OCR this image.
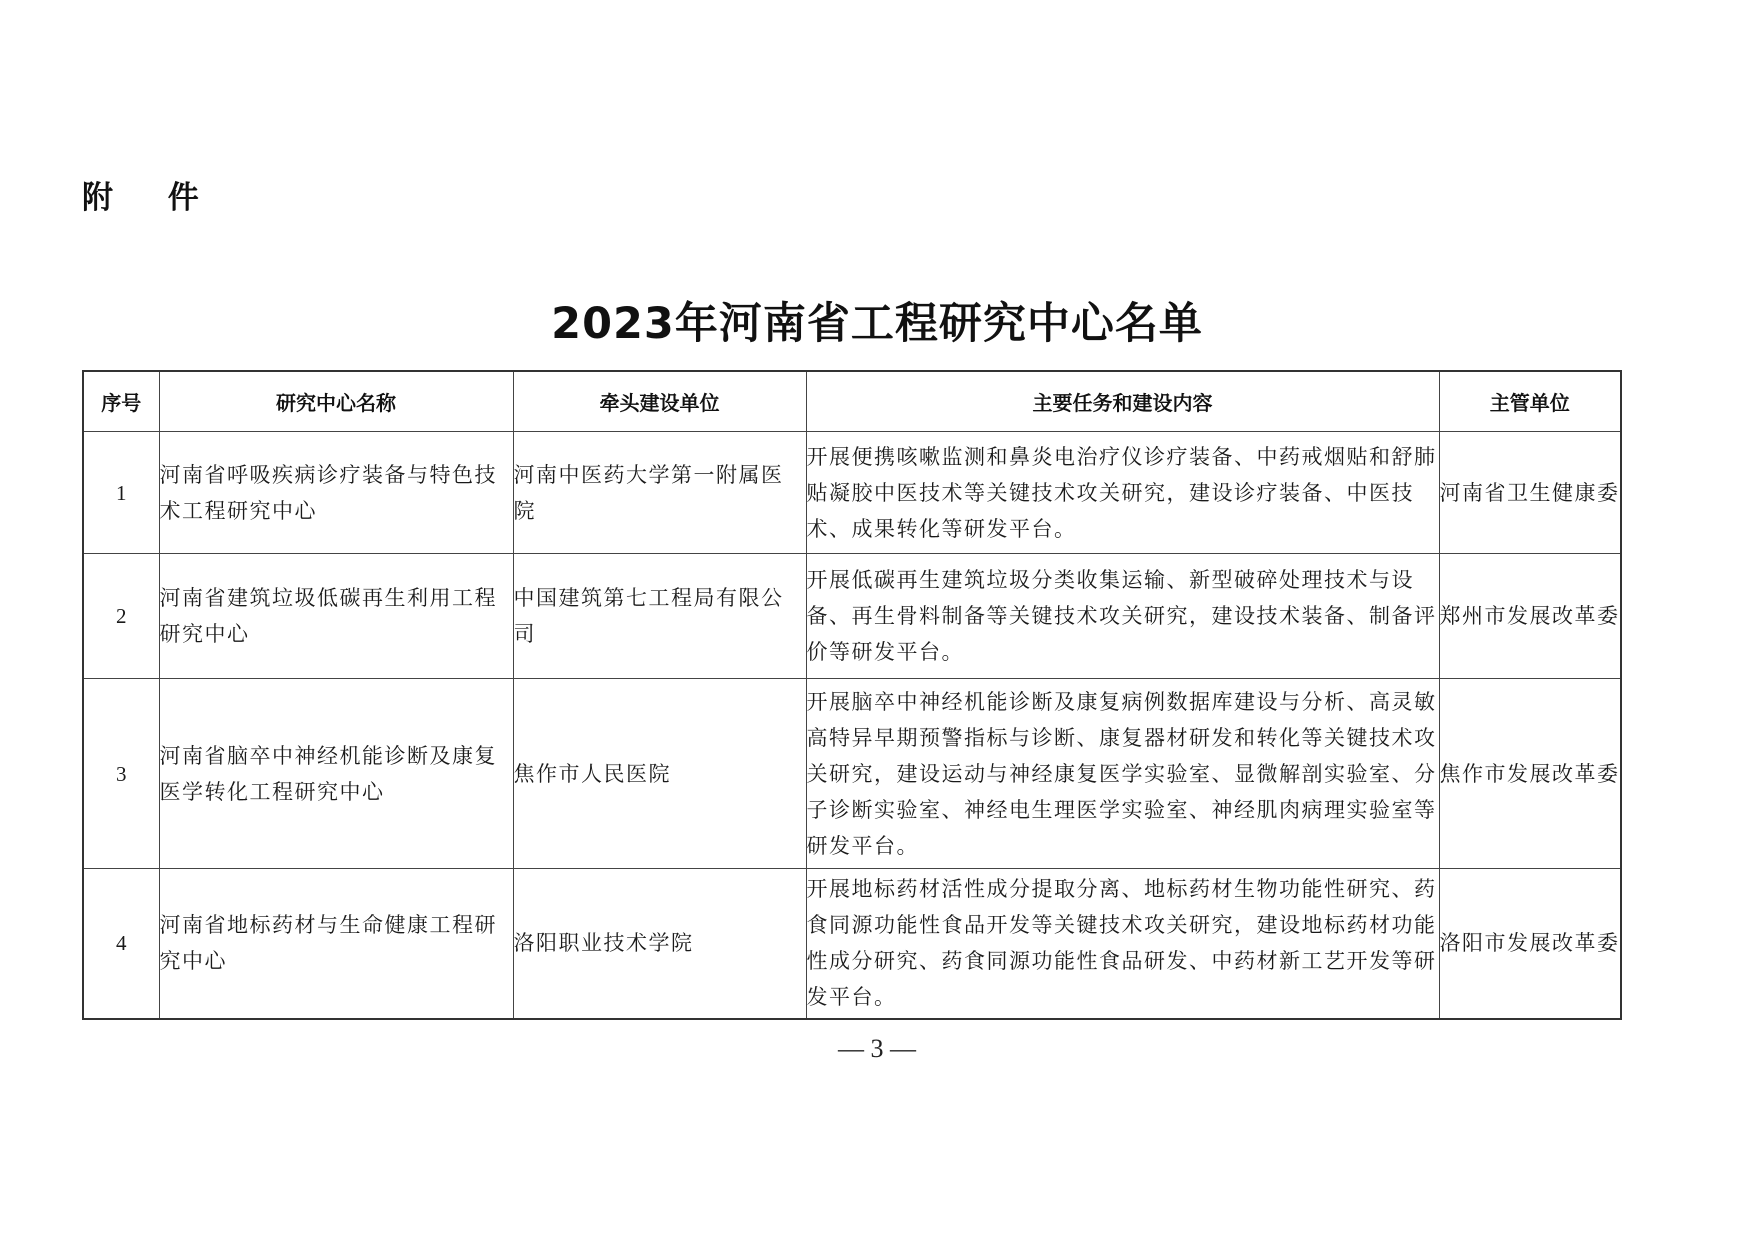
附 件
2023年河南省工程研究中心名单
序号	研究中心名称	牵头建设单位	主要任务和建设内容	主管单位
1	河南省呼吸疾病诊疗装备与特色技术工程研究中心	河南中医药大学第一附属医院	开展便携咳嗽监测和鼻炎电治疗仪诊疗装备、中药戒烟贴和舒肺贴凝胶中医技术等关键技术攻关研究，建设诊疗装备、中医技术、成果转化等研发平台。	河南省卫生健康委
2	河南省建筑垃圾低碳再生利用工程研究中心	中国建筑第七工程局有限公司	开展低碳再生建筑垃圾分类收集运输、新型破碎处理技术与设备、再生骨料制备等关键技术攻关研究，建设技术装备、制备评价等研发平台。	郑州市发展改革委
3	河南省脑卒中神经机能诊断及康复医学转化工程研究中心	焦作市人民医院	开展脑卒中神经机能诊断及康复病例数据库建设与分析、高灵敏高特异早期预警指标与诊断、康复器材研发和转化等关键技术攻关研究，建设运动与神经康复医学实验室、显微解剖实验室、分子诊断实验室、神经电生理医学实验室、神经肌肉病理实验室等研发平台。	焦作市发展改革委
4	河南省地标药材与生命健康工程研究中心	洛阳职业技术学院	开展地标药材活性成分提取分离、地标药材生物功能性研究、药食同源功能性食品开发等关键技术攻关研究，建设地标药材功能性成分研究、药食同源功能性食品研发、中药材新工艺开发等研发平台。	洛阳市发展改革委
— 3 —
